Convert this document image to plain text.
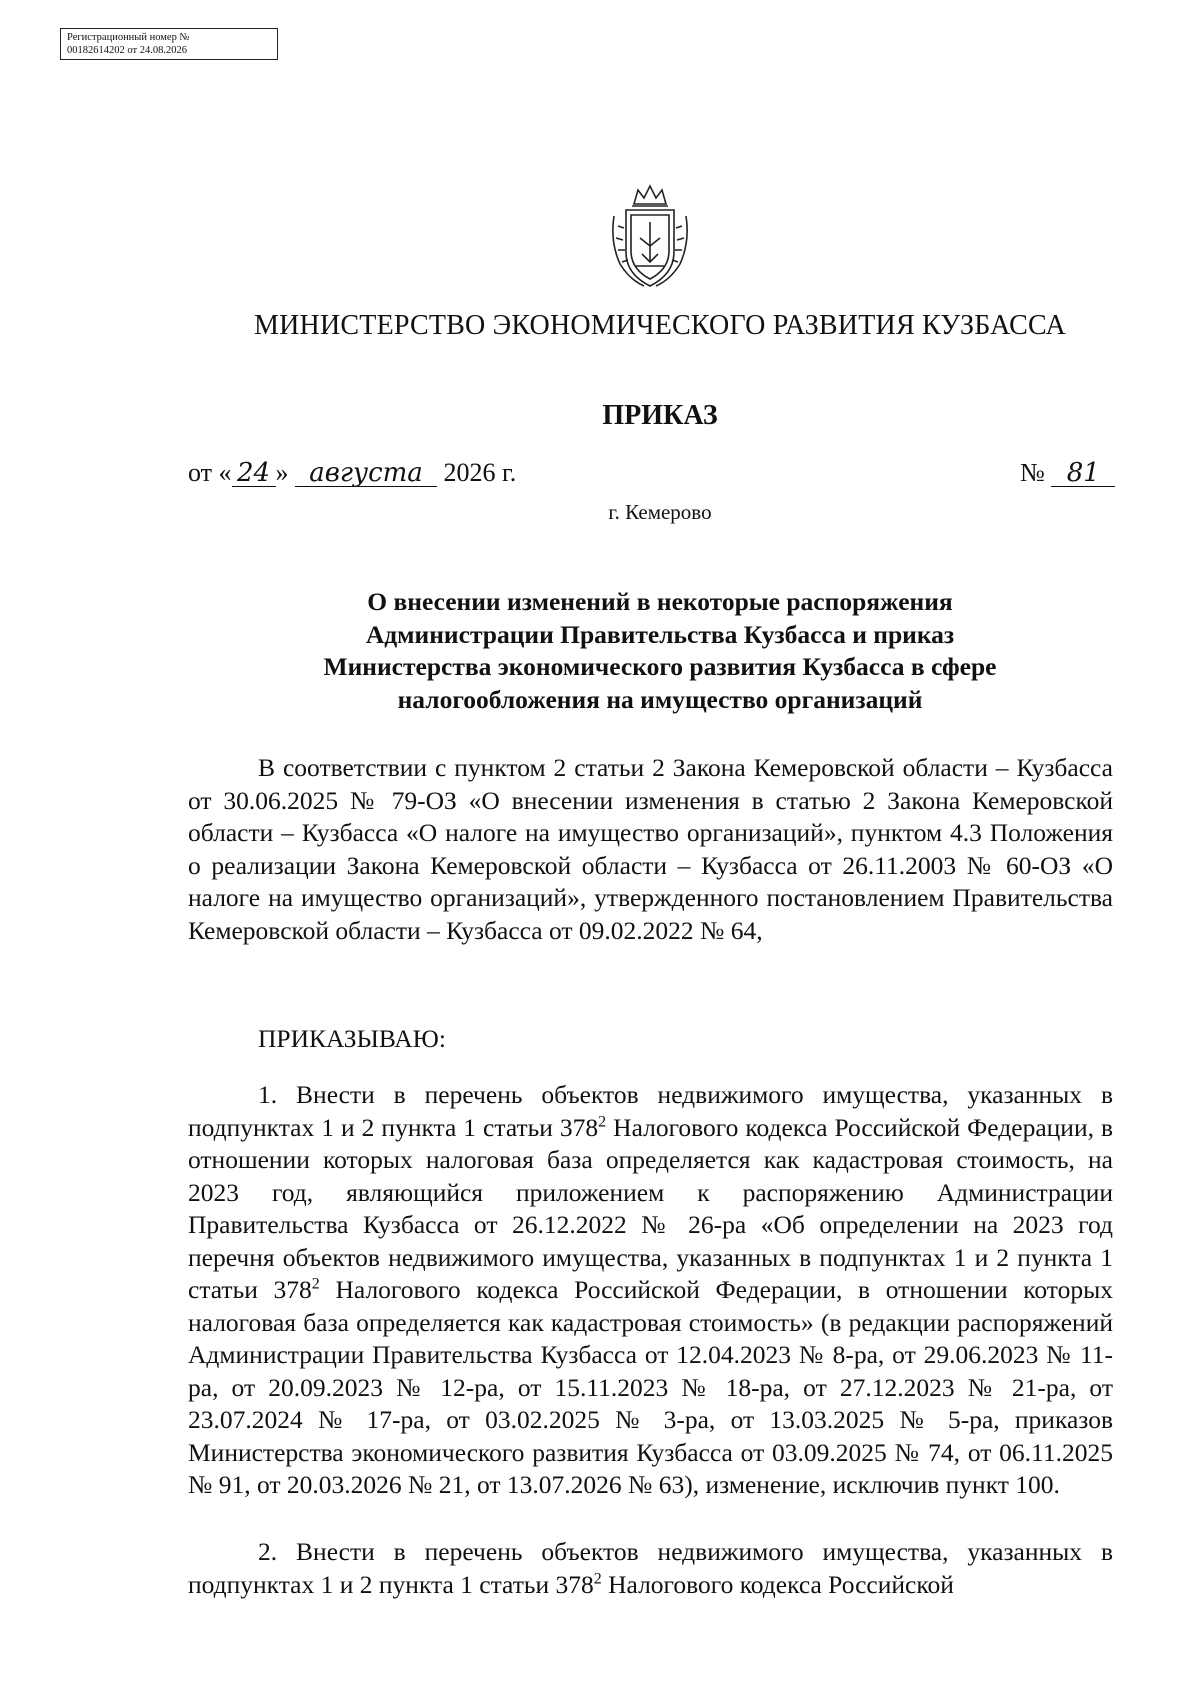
Регистрационный номер №
00182614202 от 24.08.2026
МИНИСТЕРСТВО ЭКОНОМИЧЕСКОГО РАЗВИТИЯ КУЗБАССА
ПРИКАЗ
от « 24 » августа 2026 г.	№ 81
г. Кемерово
О внесении изменений в некоторые распоряжения
Администрации Правительства Кузбасса и приказ
Министерства экономического развития Кузбасса в сфере
налогообложения на имущество организаций

В соответствии с пунктом 2 статьи 2 Закона Кемеровской области – Кузбасса от 30.06.2025 № 79-ОЗ «О внесении изменения в статью 2 Закона Кемеровской области – Кузбасса «О налоге на имущество организаций», пунктом 4.3 Положения о реализации Закона Кемеровской области – Кузбасса от 26.11.2003 № 60-ОЗ «О налоге на имущество организаций», утвержденного постановлением Правительства Кемеровской области – Кузбасса от 09.02.2022 № 64,

ПРИКАЗЫВАЮ:

1. Внести в перечень объектов недвижимого имущества, указанных в подпунктах 1 и 2 пункта 1 статьи $378^2$ Налогового кодекса Российской Федерации, в отношении которых налоговая база определяется как кадастровая стоимость, на 2023 год, являющийся приложением к распоряжению Администрации Правительства Кузбасса от 26.12.2022 № 26-ра «Об определении на 2023 год перечня объектов недвижимого имущества, указанных в подпунктах 1 и 2 пункта 1 статьи $378^2$ Налогового кодекса Российской Федерации, в отношении которых налоговая база определяется как кадастровая стоимость» (в редакции распоряжений Администрации Правительства Кузбасса от 12.04.2023 № 8-ра, от 29.06.2023 № 11-ра, от 20.09.2023 № 12-ра, от 15.11.2023 № 18-ра, от 27.12.2023 № 21-ра, от 23.07.2024 № 17-ра, от 03.02.2025 № 3-ра, от 13.03.2025 № 5-ра, приказов Министерства экономического развития Кузбасса от 03.09.2025 № 74, от 06.11.2025 № 91, от 20.03.2026 № 21, от 13.07.2026 № 63), изменение, исключив пункт 100.

2. Внести в перечень объектов недвижимого имущества, указанных в подпунктах 1 и 2 пункта 1 статьи $378^2$ Налогового кодекса Российской
